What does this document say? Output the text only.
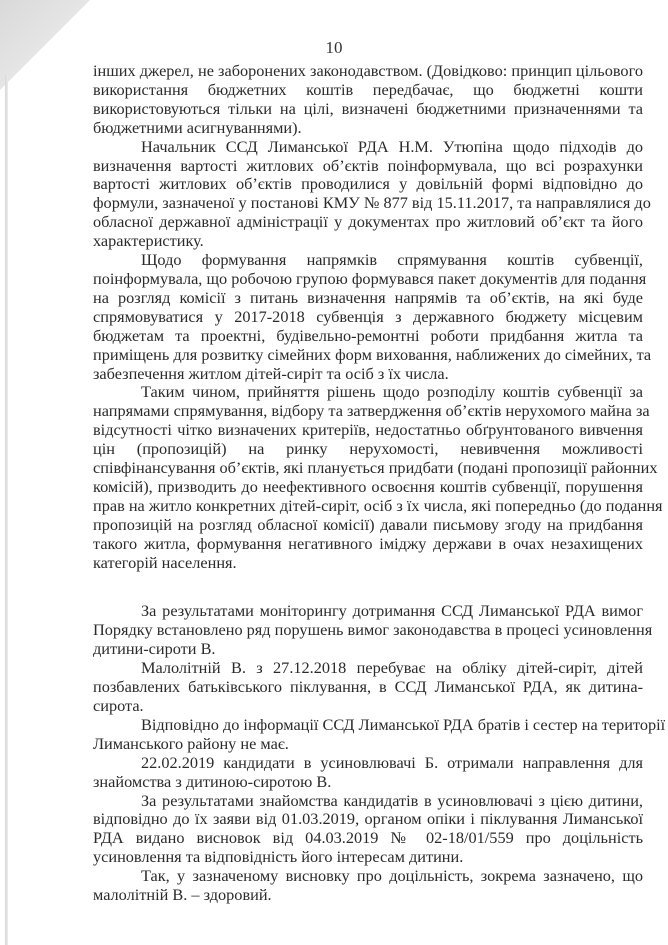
10
інших джерел, не заборонених законодавством. (Довідково: принцип цільового
використання бюджетних коштів передбачає, що бюджетні кошти
використовуються тільки на цілі, визначені бюджетними призначеннями та
бюджетними асигнуваннями).
Начальник ССД Лиманської РДА Н.М. Утюпіна щодо підходів до
визначення вартості житлових об’єктів поінформувала, що всі розрахунки
вартості житлових об’єктів проводилися у довільній формі відповідно до
формули, зазначеної у постанові КМУ № 877 від 15.11.2017, та направлялися до
обласної державної адміністрації у документах про житловий об’єкт та його
характеристику.
Щодо формування напрямків спрямування коштів субвенції,
поінформувала, що робочою групою формувався пакет документів для подання
на розгляд комісії з питань визначення напрямів та об’єктів, на які буде
спрямовуватися у 2017-2018 субвенція з державного бюджету місцевим
бюджетам та проектні, будівельно-ремонтні роботи придбання житла та
приміщень для розвитку сімейних форм виховання, наближених до сімейних, та
забезпечення житлом дітей-сиріт та осіб з їх числа.
Таким чином, прийняття рішень щодо розподілу коштів субвенції за
напрямами спрямування, відбору та затвердження об’єктів нерухомого майна за
відсутності чітко визначених критеріїв, недостатньо обґрунтованого вивчення
цін (пропозицій) на ринку нерухомості, невивчення можливості
співфінансування об’єктів, які планується придбати (подані пропозиції районних
комісій), призводить до неефективного освоєння коштів субвенції, порушення
прав на житло конкретних дітей-сиріт, осіб з їх числа, які попередньо (до подання
пропозицій на розгляд обласної комісії) давали письмову згоду на придбання
такого житла, формування негативного іміджу держави в очах незахищених
категорій населення.
За результатами моніторингу дотримання ССД Лиманської РДА вимог
Порядку встановлено ряд порушень вимог законодавства в процесі усиновлення
дитини-сироти В.
Малолітній В. з 27.12.2018 перебуває на обліку дітей-сиріт, дітей
позбавлених батьківського піклування, в ССД Лиманської РДА, як дитина-
сирота.
Відповідно до інформації ССД Лиманської РДА братів і сестер на території
Лиманського району не має.
22.02.2019 кандидати в усиновлювачі Б. отримали направлення для
знайомства з дитиною-сиротою В.
За результатами знайомства кандидатів в усиновлювачі з цією дитини,
відповідно до їх заяви від 01.03.2019, органом опіки і піклування Лиманської
РДА видано висновок від 04.03.2019 № 02-18/01/559 про доцільність
усиновлення та відповідність його інтересам дитини.
Так, у зазначеному висновку про доцільність, зокрема зазначено, що
малолітній В. – здоровий.
